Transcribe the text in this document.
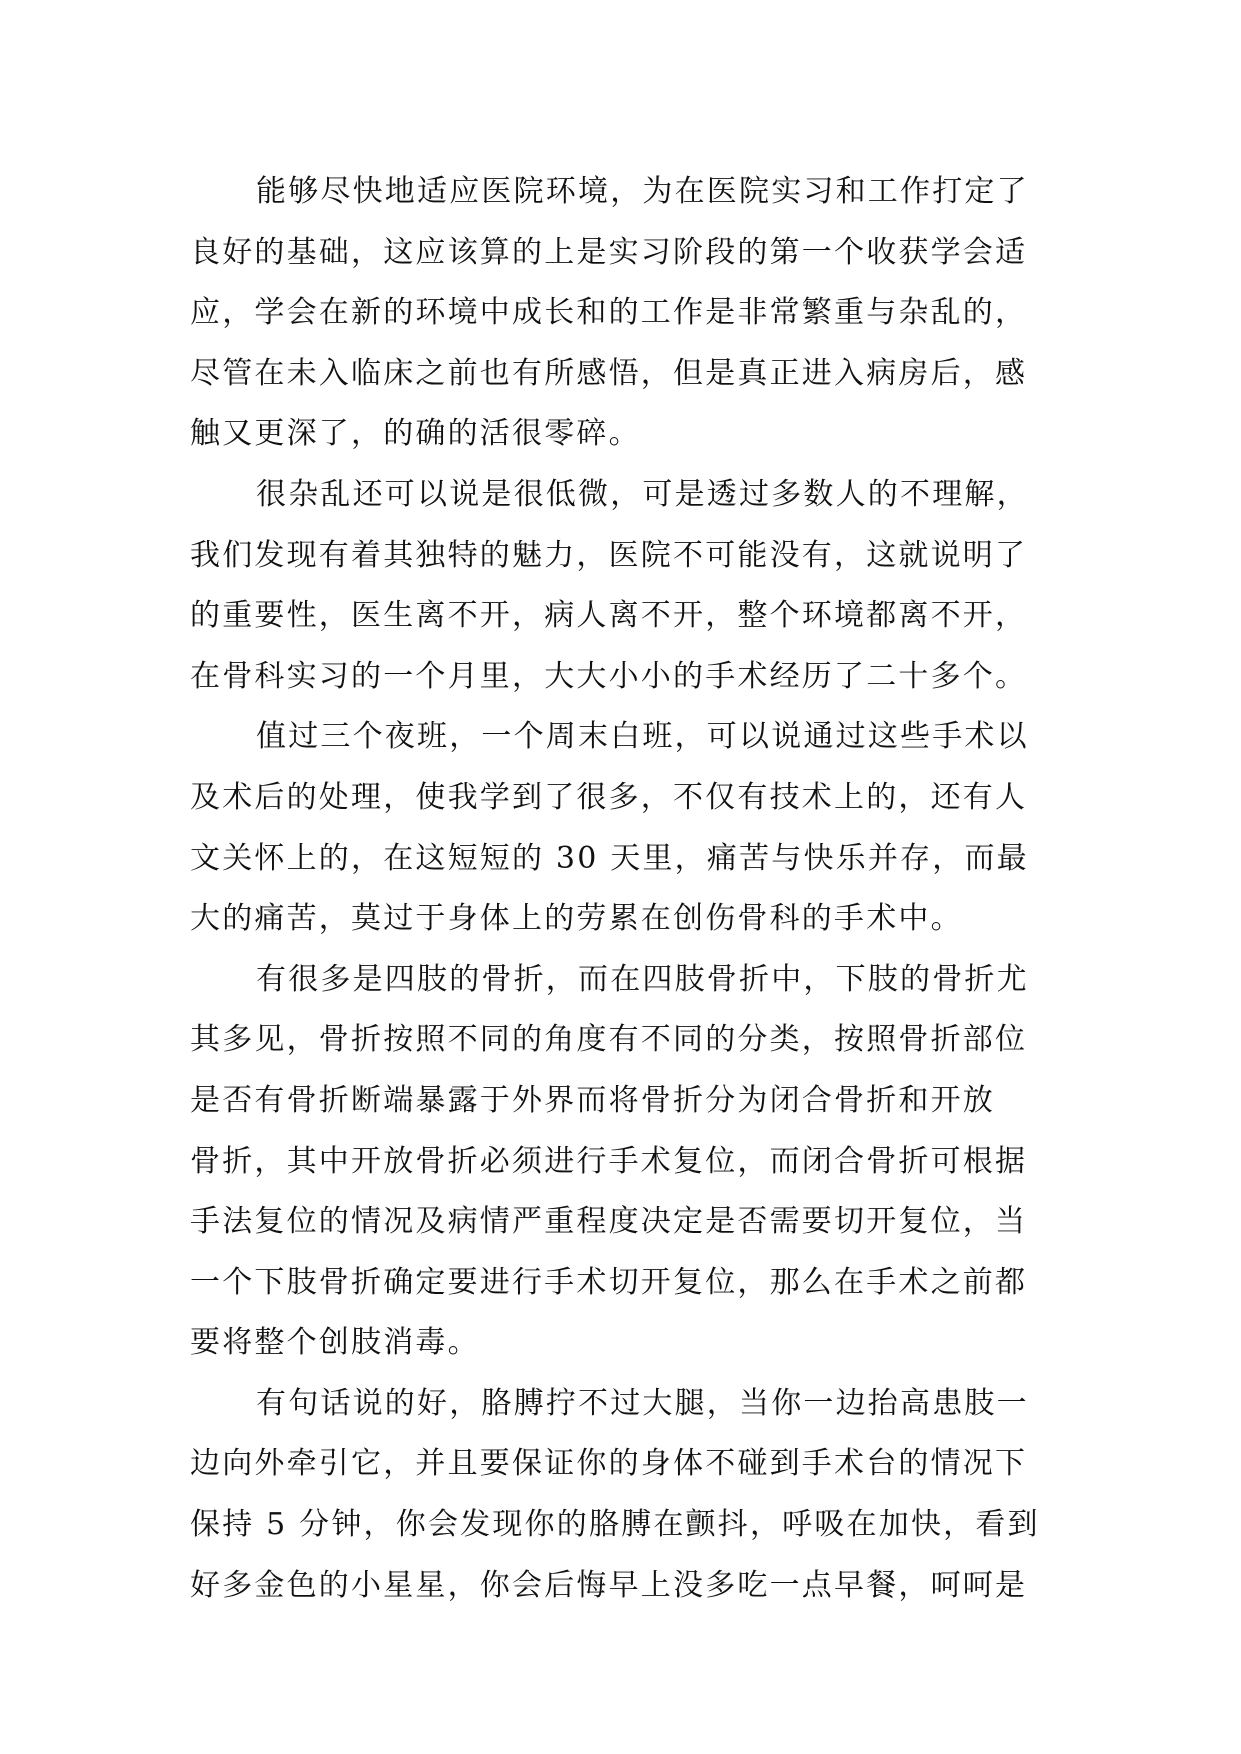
能够尽快地适应医院环境，为在医院实习和工作打定了
良好的基础，这应该算的上是实习阶段的第一个收获学会适
应，学会在新的环境中成长和的工作是非常繁重与杂乱的，
尽管在未入临床之前也有所感悟，但是真正进入病房后，感
触又更深了，的确的活很零碎。
很杂乱还可以说是很低微，可是透过多数人的不理解，
我们发现有着其独特的魅力，医院不可能没有，这就说明了
的重要性，医生离不开，病人离不开，整个环境都离不开，
在骨科实习的一个月里，大大小小的手术经历了二十多个。
值过三个夜班，一个周末白班，可以说通过这些手术以
及术后的处理，使我学到了很多，不仅有技术上的，还有人
文关怀上的，在这短短的 30 天里，痛苦与快乐并存，而最
大的痛苦，莫过于身体上的劳累在创伤骨科的手术中。
有很多是四肢的骨折，而在四肢骨折中，下肢的骨折尤
其多见，骨折按照不同的角度有不同的分类，按照骨折部位
是否有骨折断端暴露于外界而将骨折分为闭合骨折和开放
骨折，其中开放骨折必须进行手术复位，而闭合骨折可根据
手法复位的情况及病情严重程度决定是否需要切开复位，当
一个下肢骨折确定要进行手术切开复位，那么在手术之前都
要将整个创肢消毒。
有句话说的好，胳膊拧不过大腿，当你一边抬高患肢一
边向外牵引它，并且要保证你的身体不碰到手术台的情况下
保持 5 分钟，你会发现你的胳膊在颤抖，呼吸在加快，看到
好多金色的小星星，你会后悔早上没多吃一点早餐，呵呵是
